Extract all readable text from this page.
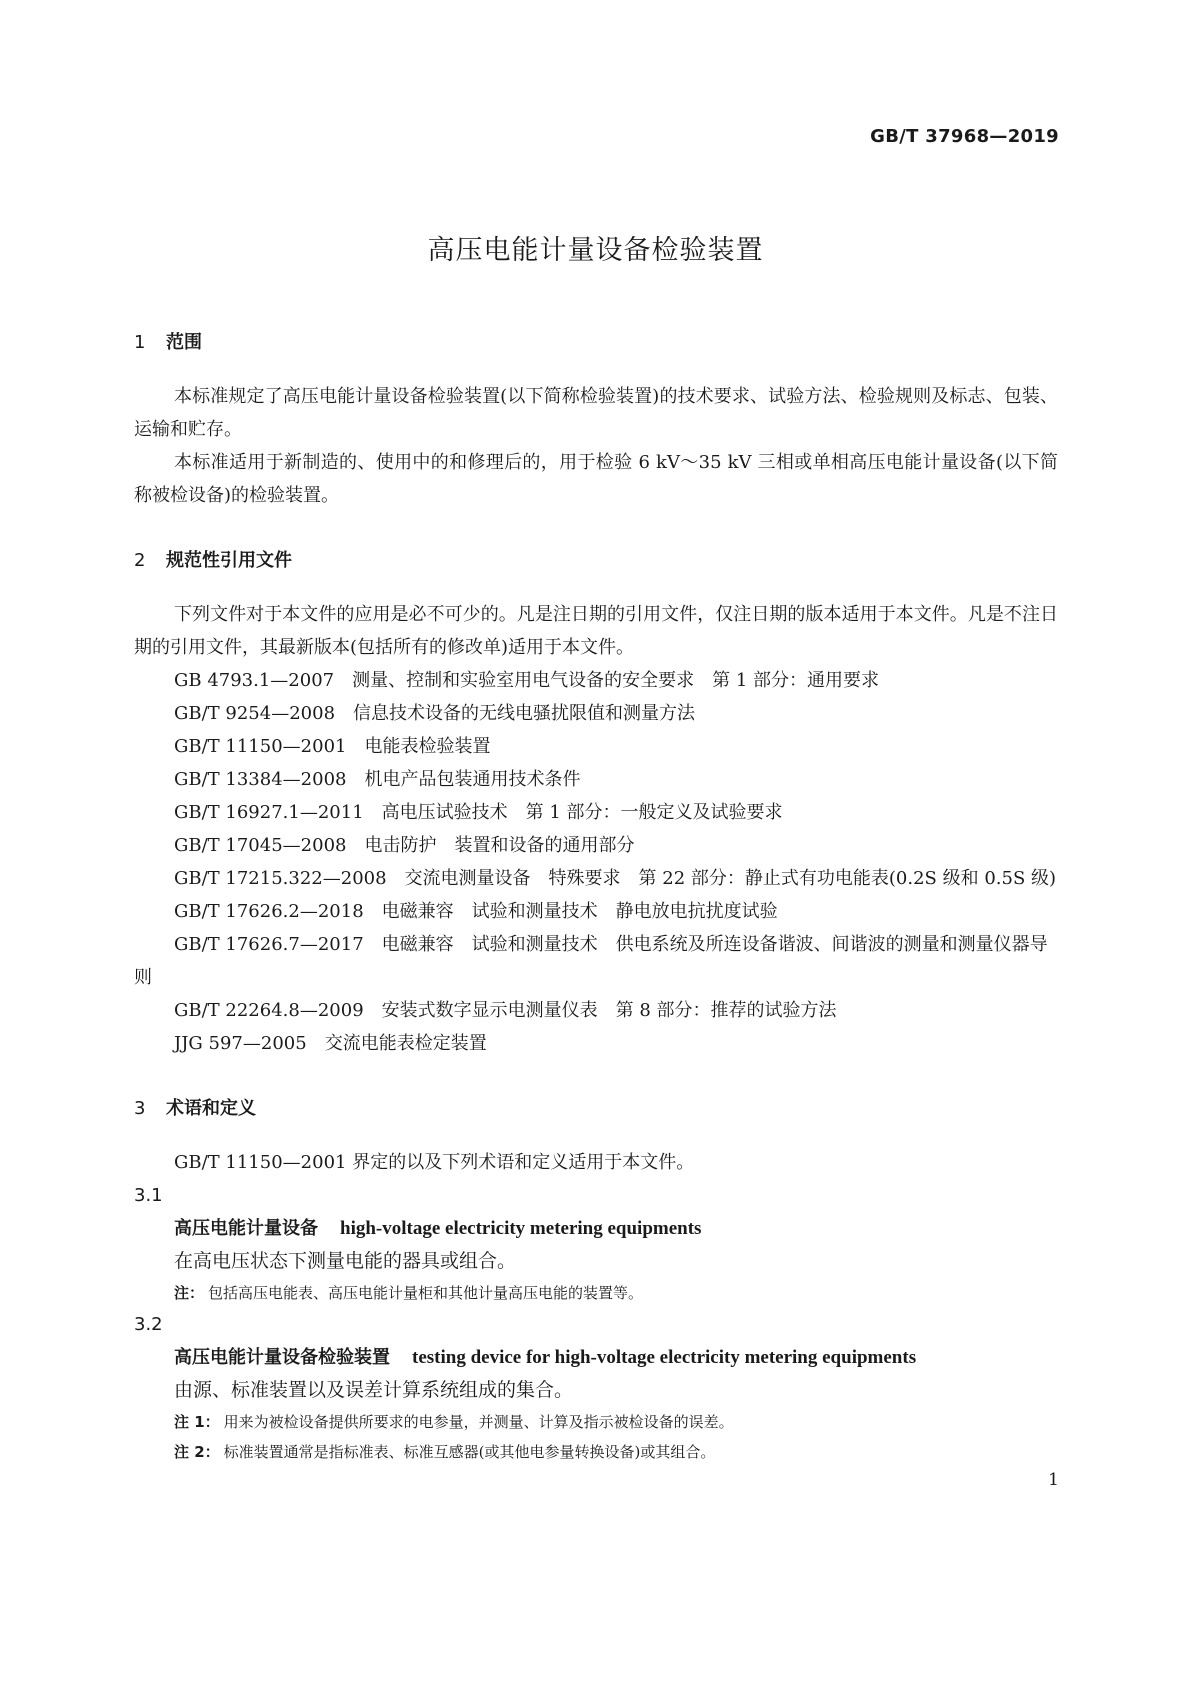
GB/T 37968—2019
高压电能计量设备检验装置

1 范围

本标准规定了高压电能计量设备检验装置(以下简称检验装置)的技术要求、试验方法、检验规则及标志、包装、运输和贮存。

本标准适用于新制造的、使用中的和修理后的，用于检验 6 kV～35 kV 三相或单相高压电能计量设备(以下简称被检设备)的检验装置。

2 规范性引用文件

下列文件对于本文件的应用是必不可少的。凡是注日期的引用文件，仅注日期的版本适用于本文件。凡是不注日期的引用文件，其最新版本(包括所有的修改单)适用于本文件。

GB 4793.1—2007 测量、控制和实验室用电气设备的安全要求　第 1 部分：通用要求

GB/T 9254—2008 信息技术设备的无线电骚扰限值和测量方法

GB/T 11150—2001 电能表检验装置

GB/T 13384—2008 机电产品包装通用技术条件

GB/T 16927.1—2011 高电压试验技术　第 1 部分：一般定义及试验要求

GB/T 17045—2008 电击防护　装置和设备的通用部分

GB/T 17215.322—2008 交流电测量设备　特殊要求　第 22 部分：静止式有功电能表(0.2S 级和 0.5S 级)

GB/T 17626.2—2018 电磁兼容　试验和测量技术　静电放电抗扰度试验

GB/T 17626.7—2017 电磁兼容　试验和测量技术　供电系统及所连设备谐波、间谐波的测量和测量仪器导则

GB/T 22264.8—2009 安装式数字显示电测量仪表　第 8 部分：推荐的试验方法

JJG 597—2005 交流电能表检定装置

3 术语和定义

GB/T 11150—2001 界定的以及下列术语和定义适用于本文件。

3.1

高压电能计量设备 high-voltage electricity metering equipments

在高电压状态下测量电能的器具或组合。

注： 包括高压电能表、高压电能计量柜和其他计量高压电能的装置等。

3.2

高压电能计量设备检验装置 testing device for high-voltage electricity metering equipments

由源、标准装置以及误差计算系统组成的集合。

注 1： 用来为被检设备提供所要求的电参量，并测量、计算及指示被检设备的误差。

注 2： 标准装置通常是指标准表、标准互感器(或其他电参量转换设备)或其组合。

1
